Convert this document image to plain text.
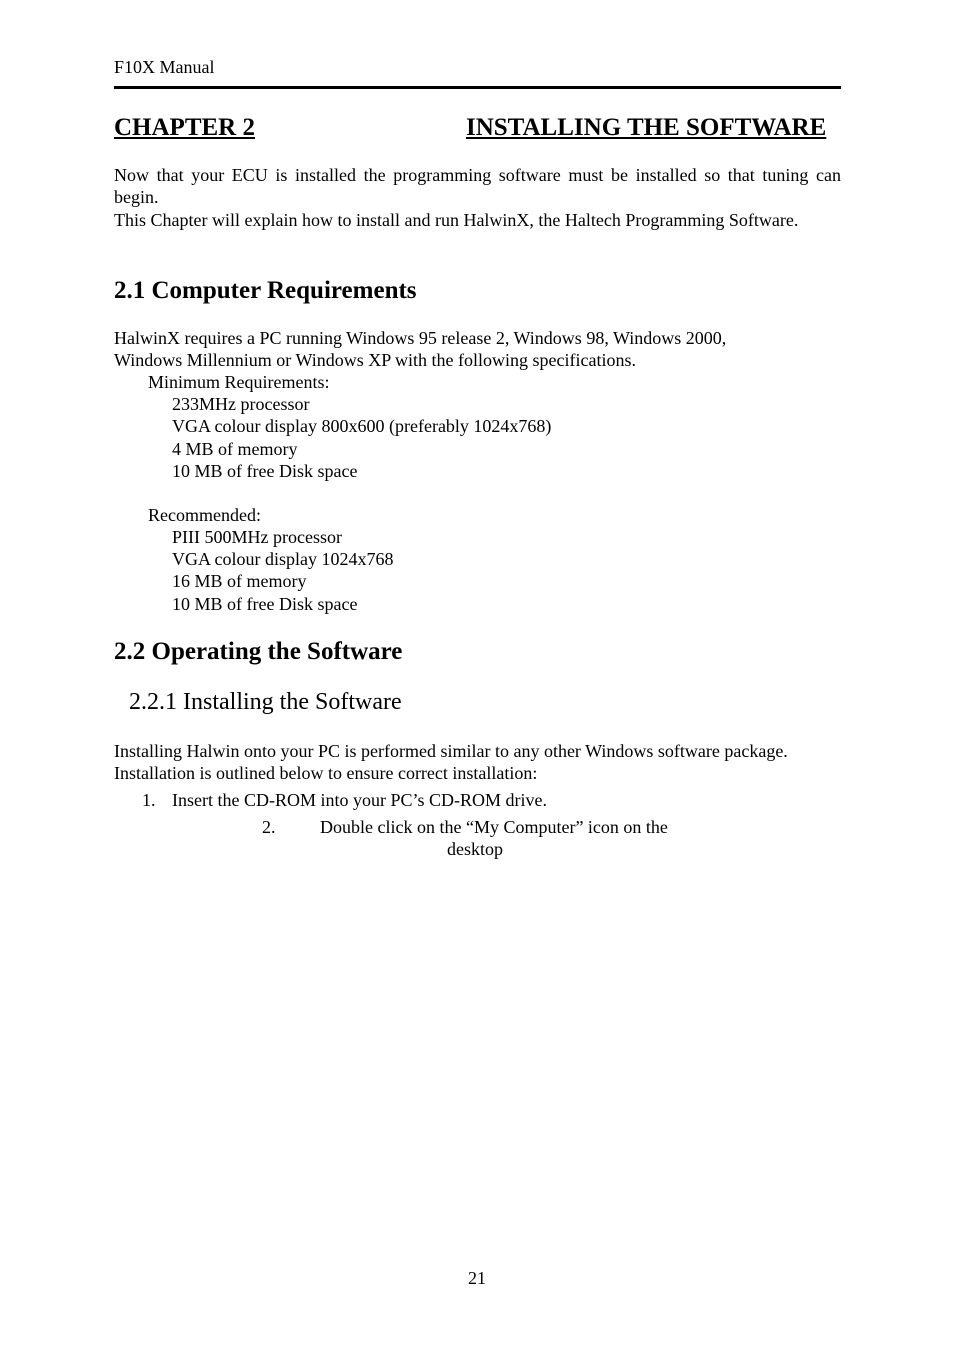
F10X Manual
CHAPTER 2	INSTALLING THE SOFTWARE
Now that your ECU is installed the programming software must be installed so that tuning can begin.
This Chapter will explain how to install and run HalwinX, the Haltech Programming Software.
2.1 Computer Requirements
HalwinX requires a PC running Windows 95 release 2, Windows 98, Windows 2000,
Windows Millennium or Windows XP with the following specifications.
Minimum Requirements:
233MHz processor
VGA colour display 800x600 (preferably 1024x768)
4 MB of memory
10 MB of free Disk space
Recommended:
PIII 500MHz processor
VGA colour display 1024x768
16 MB of memory
10 MB of free Disk space
2.2 Operating the Software
2.2.1 Installing the Software
Installing Halwin onto your PC is performed similar to any other Windows software package.
Installation is outlined below to ensure correct installation:
1. Insert the CD-ROM into your PC’s CD-ROM drive.
2. Double click on the “My Computer” icon on the
desktop
21
